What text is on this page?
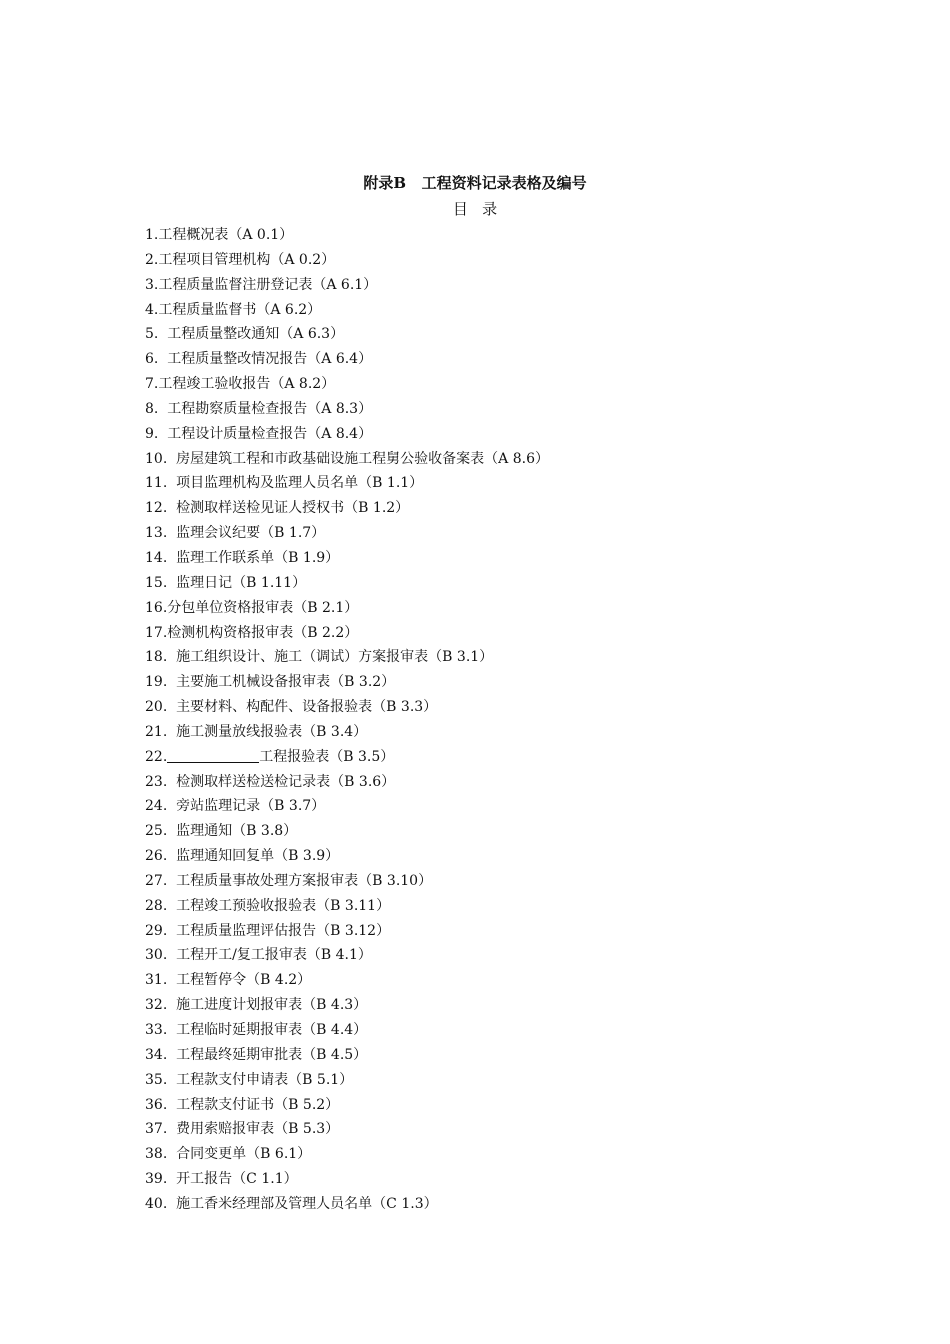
附录B   工程资料记录表格及编号
目   录
1.工程概况表（A 0.1）
2.工程项目管理机构（A 0.2）
3.工程质量监督注册登记表（A 6.1）
4.工程质量监督书（A 6.2）
5.  工程质量整改通知（A 6.3）
6.  工程质量整改情况报告（A 6.4）
7.工程竣工验收报告（A 8.2）
8.  工程勘察质量检查报告（A 8.3）
9.  工程设计质量检查报告（A 8.4）
10.  房屋建筑工程和市政基础设施工程舅公验收备案表（A 8.6）
11.  项目监理机构及监理人员名单（B 1.1）
12.  检测取样送检见证人授权书（B 1.2）
13.  监理会议纪要（B 1.7）
14.  监理工作联系单（B 1.9）
15.  监理日记（B 1.11）
16.分包单位资格报审表（B 2.1）
17.检测机构资格报审表（B 2.2）
18.  施工组织设计、施工（调试）方案报审表（B 3.1）
19.  主要施工机械设备报审表（B 3.2）
20.  主要材料、构配件、设备报验表（B 3.3）
21.  施工测量放线报验表（B 3.4）
22.	工程报验表（B 3.5）
23.  检测取样送检送检记录表（B 3.6）
24.  旁站监理记录（B 3.7）
25.  监理通知（B 3.8）
26.  监理通知回复单（B 3.9）
27.  工程质量事故处理方案报审表（B 3.10）
28.  工程竣工预验收报验表（B 3.11）
29.  工程质量监理评估报告（B 3.12）
30.  工程开工/复工报审表（B 4.1）
31.  工程暂停令（B 4.2）
32.  施工进度计划报审表（B 4.3）
33.  工程临时延期报审表（B 4.4）
34.  工程最终延期审批表（B 4.5）
35.  工程款支付申请表（B 5.1）
36.  工程款支付证书（B 5.2）
37.  费用索赔报审表（B 5.3）
38.  合同变更单（B 6.1）
39.  开工报告（C 1.1）
40.  施工香米经理部及管理人员名单（C 1.3）
